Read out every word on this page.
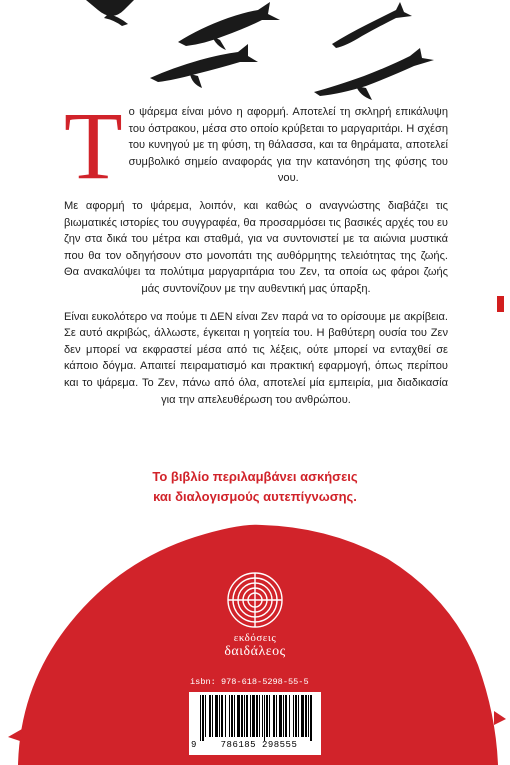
Τ ο ψάρεμα είναι μόνο η αφορμή. Αποτελεί τη σκληρή επικάλυψη του όστρακου, μέσα στο οποίο κρύβεται το μαργαριτάρι. Η σχέση του κυνηγού με τη φύση, τη θάλασσα, και τα θηράματα, αποτελεί συμβολικό σημείο αναφοράς για την κατανόηση της φύσης του νου.

Με αφορμή το ψάρεμα, λοιπόν, και καθώς ο αναγνώστης διαβάζει τις βιωματικές ιστορίες του συγγραφέα, θα προσαρμόσει τις βασικές αρχές του ευ ζην στα δικά του μέτρα και σταθμά, για να συντονιστεί με τα αιώνια μυστικά που θα τον οδηγήσουν στο μονοπάτι της αυθόρμητης τελειότητας της ζωής. Θα ανακαλύψει τα πολύτιμα μαργαριτάρια του Ζεν, τα οποία ως φάροι ζωής μάς συντονίζουν με την αυθεντική μας ύπαρξη.

Είναι ευκολότερο να πούμε τι ΔΕΝ είναι Ζεν παρά να το ορίσουμε με ακρίβεια. Σε αυτό ακριβώς, άλλωστε, έγκειται η γοητεία του. Η βαθύτερη ουσία του Ζεν δεν μπορεί να εκφραστεί μέσα από τις λέξεις, ούτε μπορεί να ενταχθεί σε κάποιο δόγμα. Απαιτεί πειραματισμό και πρακτική εφαρμογή, όπως περίπου και το ψάρεμα. Το Ζεν, πάνω από όλα, αποτελεί μία εμπειρία, μια διαδικασία για την απελευθέρωση του ανθρώπου.

Το βιβλίο περιλαμβάνει ασκήσεις
και διαλογισμούς αυτεπίγνωσης.
εκδόσεις
δαιδάλεος
isbn: 978-618-5298-55-5
9	786185 298555
